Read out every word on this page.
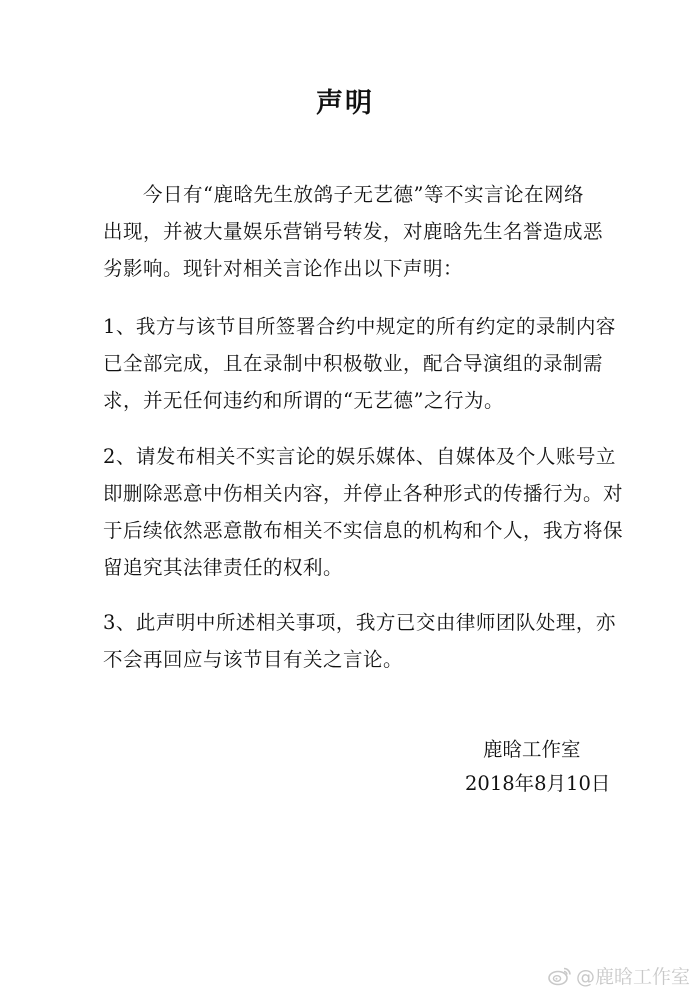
声明
今日有“鹿晗先生放鸽子无艺德”等不实言论在网络
出现，并被大量娱乐营销号转发，对鹿晗先生名誉造成恶
劣影响。现针对相关言论作出以下声明：
1、我方与该节目所签署合约中规定的所有约定的录制内容
已全部完成，且在录制中积极敬业，配合导演组的录制需
求，并无任何违约和所谓的“无艺德”之行为。
2、请发布相关不实言论的娱乐媒体、自媒体及个人账号立
即删除恶意中伤相关内容，并停止各种形式的传播行为。对
于后续依然恶意散布相关不实信息的机构和个人，我方将保
留追究其法律责任的权利。
3、此声明中所述相关事项，我方已交由律师团队处理，亦
不会再回应与该节目有关之言论。
鹿晗工作室
2018年8月10日
@鹿晗工作室
